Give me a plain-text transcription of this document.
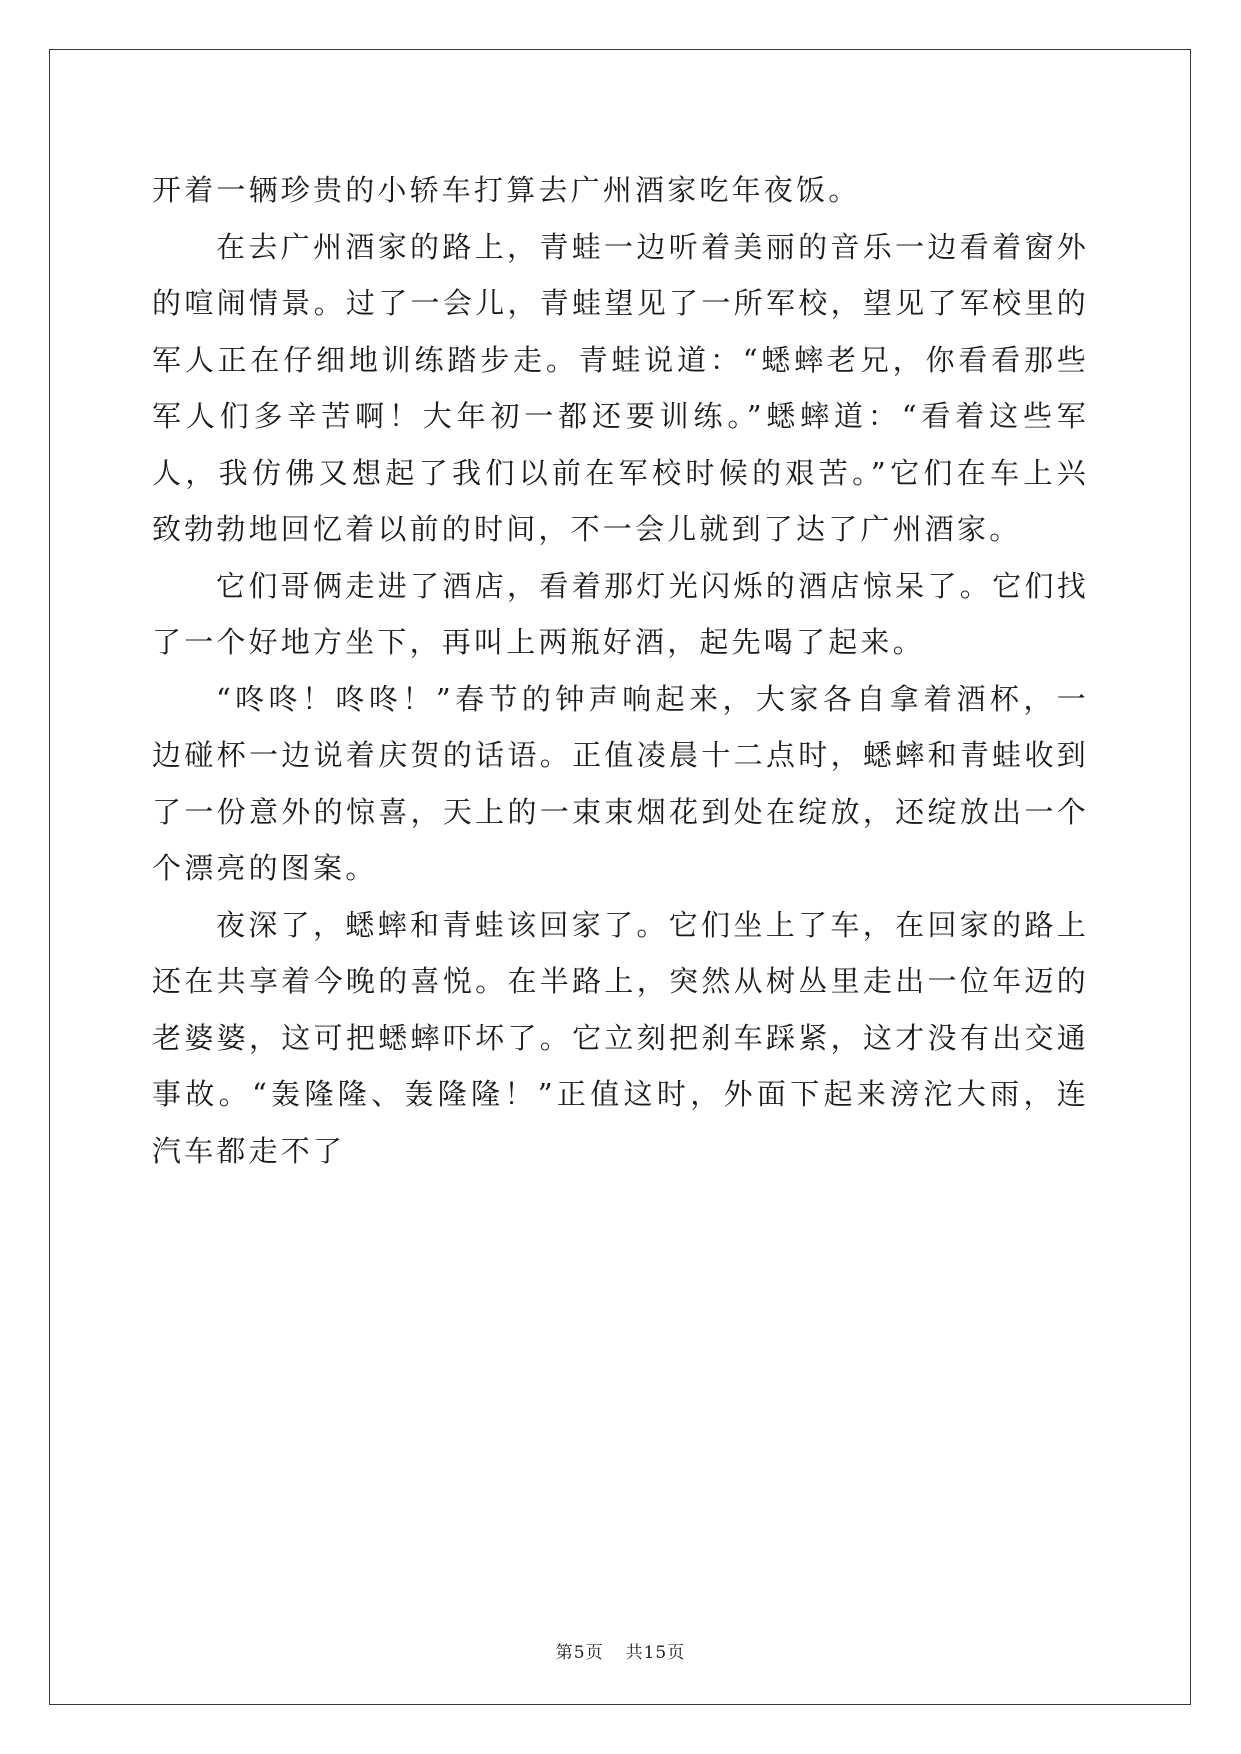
开着一辆珍贵的小轿车打算去广州酒家吃年夜饭。

在去广州酒家的路上，青蛙一边听着美丽的音乐一边看着窗外的喧闹情景。过了一会儿，青蛙望见了一所军校，望见了军校里的军人正在仔细地训练踏步走。青蛙说道：“蟋蟀老兄，你看看那些军人们多辛苦啊！大年初一都还要训练。”蟋蟀道：“看着这些军人，我仿佛又想起了我们以前在军校时候的艰苦。”它们在车上兴致勃勃地回忆着以前的时间，不一会儿就到了达了广州酒家。

它们哥俩走进了酒店，看着那灯光闪烁的酒店惊呆了。它们找了一个好地方坐下，再叫上两瓶好酒，起先喝了起来。

“咚咚！咚咚！”春节的钟声响起来，大家各自拿着酒杯，一边碰杯一边说着庆贺的话语。正值凌晨十二点时，蟋蟀和青蛙收到了一份意外的惊喜，天上的一束束烟花到处在绽放，还绽放出一个个漂亮的图案。

夜深了，蟋蟀和青蛙该回家了。它们坐上了车，在回家的路上还在共享着今晚的喜悦。在半路上，突然从树丛里走出一位年迈的老婆婆，这可把蟋蟀吓坏了。它立刻把刹车踩紧，这才没有出交通事故。“轰隆隆、轰隆隆！”正值这时，外面下起来滂沱大雨，连汽车都走不了

第5页 共15页
